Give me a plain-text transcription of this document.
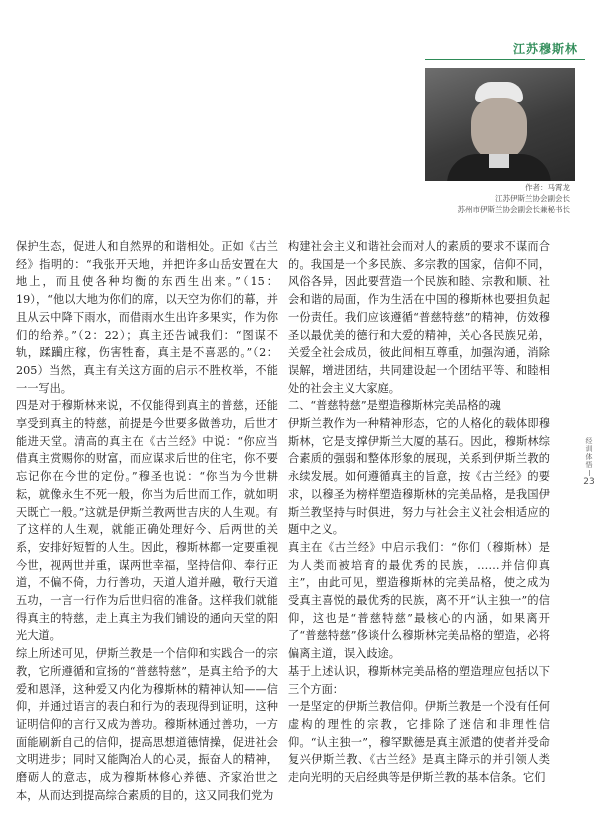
江苏穆斯林
作者：马霄龙
江苏伊斯兰协会副会长
苏州市伊斯兰协会副会长兼秘书长

保护生态，促进人和自然界的和谐相处。正如《古兰经》指明的：“我张开天地，并把许多山岳安置在大地上，而且使各种均衡的东西生出来。”（15：19），“他以大地为你们的席，以天空为你们的幕，并且从云中降下雨水，而借雨水生出许多果实，作为你们的给养。”（2：22）；真主还告诫我们：“图谋不轨，蹂躏庄稼，伤害牲畜，真主是不喜恶的。”（2：205）当然，真主有关这方面的启示不胜枚举，不能一一写出。

四是对于穆斯林来说，不仅能得到真主的普慈，还能享受到真主的特慈，前提是今世要多做善功，后世才能进天堂。清高的真主在《古兰经》中说：“你应当借真主赏赐你的财富，而应谋求后世的住宅，你不要忘记你在今世的定份。”穆圣也说：“你当为今世耕耘，就像永生不死一般，你当为后世而工作，就如明天既亡一般。”这就是伊斯兰教两世吉庆的人生观。有了这样的人生观，就能正确处理好今、后两世的关系，安排好短暂的人生。因此，穆斯林都一定要重视今世，视两世并重，谋两世幸福，坚持信仰、奉行正道，不偏不倚，力行善功，天道人道并融，敬行天道五功，一言一行作为后世归宿的准备。这样我们就能得真主的特慈，走上真主为我们铺设的通向天堂的阳光大道。

综上所述可见，伊斯兰教是一个信仰和实践合一的宗教，它所遵循和宣扬的“普慈特慈”，是真主给予的大爱和恩泽，这种爱又内化为穆斯林的精神认知——信仰，并通过语言的表白和行为的表现得到证明，这种证明信仰的言行又成为善功。穆斯林通过善功，一方面能刷新自己的信仰，提高思想道德情操，促进社会文明进步；同时又能陶冶人的心灵，振奋人的精神，磨砺人的意志，成为穆斯林修心养德、齐家治世之本，从而达到提高综合素质的目的，这又同我们党为

构建社会主义和谐社会而对人的素质的要求不谋而合的。我国是一个多民族、多宗教的国家，信仰不同，风俗各异，因此要营造一个民族和睦、宗教和顺、社会和谐的局面，作为生活在中国的穆斯林也要担负起一份责任。我们应该遵循“普慈特慈”的精神，仿效穆圣以最优美的德行和大爱的精神，关心各民族兄弟，关爱全社会成员，彼此间相互尊重，加强沟通，消除误解，增进团结，共同建设起一个团结平等、和睦相处的社会主义大家庭。

二、“普慈特慈”是塑造穆斯林完美品格的魂

伊斯兰教作为一种精神形态，它的人格化的载体即穆斯林，它是支撑伊斯兰大厦的基石。因此，穆斯林综合素质的强弱和整体形象的展现，关系到伊斯兰教的永续发展。如何遵循真主的旨意，按《古兰经》的要求，以穆圣为榜样塑造穆斯林的完美品格，是我国伊斯兰教坚持与时俱进，努力与社会主义社会相适应的题中之义。

真主在《古兰经》中启示我们：“你们（穆斯林）是为人类而被培育的最优秀的民族，……并信仰真主”，由此可见，塑造穆斯林的完美品格，使之成为受真主喜悦的最优秀的民族，离不开“认主独一”的信仰，这也是“普慈特慈”最核心的内涵，如果离开了“普慈特慈”侈谈什么穆斯林完美品格的塑造，必将偏离主道，误入歧途。

基于上述认识，穆斯林完美品格的塑造理应包括以下三个方面：

一是坚定的伊斯兰教信仰。伊斯兰教是一个没有任何虚构的理性的宗教，它排除了迷信和非理性信仰。“认主独一”，穆罕默德是真主派遣的使者并受命复兴伊斯兰教、《古兰经》是真主降示的并引领人类走向光明的天启经典等是伊斯兰教的基本信条。它们

经训体悟
23
